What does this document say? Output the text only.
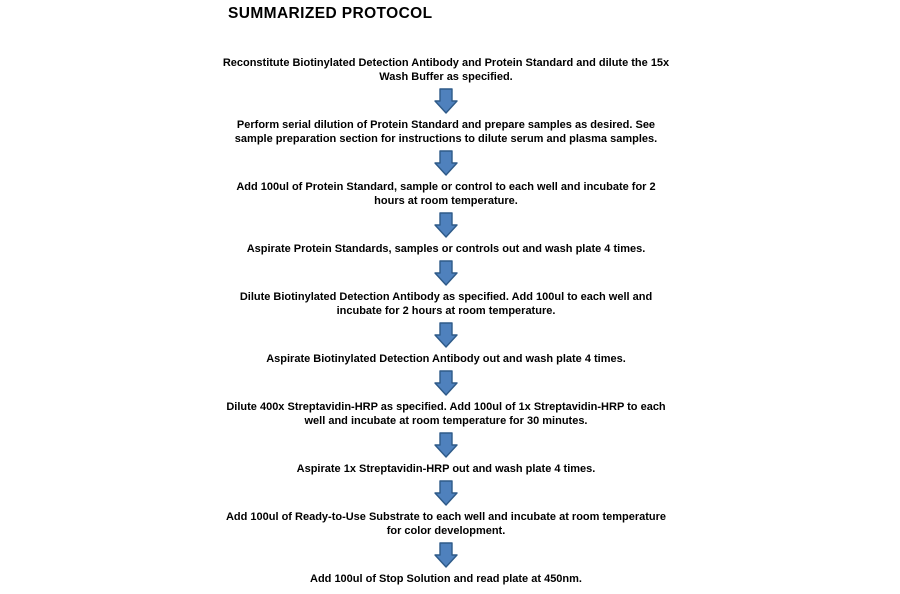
SUMMARIZED PROTOCOL
Reconstitute Biotinylated Detection Antibody and Protein Standard and dilute the 15x
Wash Buffer as specified.
Perform serial dilution of Protein Standard and prepare samples as desired. See
sample preparation section for instructions to dilute serum and plasma samples.
Add 100ul of Protein Standard, sample or control to each well and incubate for 2
hours at room temperature.
Aspirate Protein Standards, samples or controls out and wash plate 4 times.
Dilute Biotinylated Detection Antibody as specified. Add 100ul to each well and
incubate for 2 hours at room temperature.
Aspirate Biotinylated Detection Antibody out and wash plate 4 times.
Dilute 400x Streptavidin-HRP as specified. Add 100ul of 1x Streptavidin-HRP to each
well and incubate at room temperature for 30 minutes.
Aspirate 1x Streptavidin-HRP out and wash plate 4 times.
Add 100ul of Ready-to-Use Substrate to each well and incubate at room temperature
for color development.
Add 100ul of Stop Solution and read plate at 450nm.
